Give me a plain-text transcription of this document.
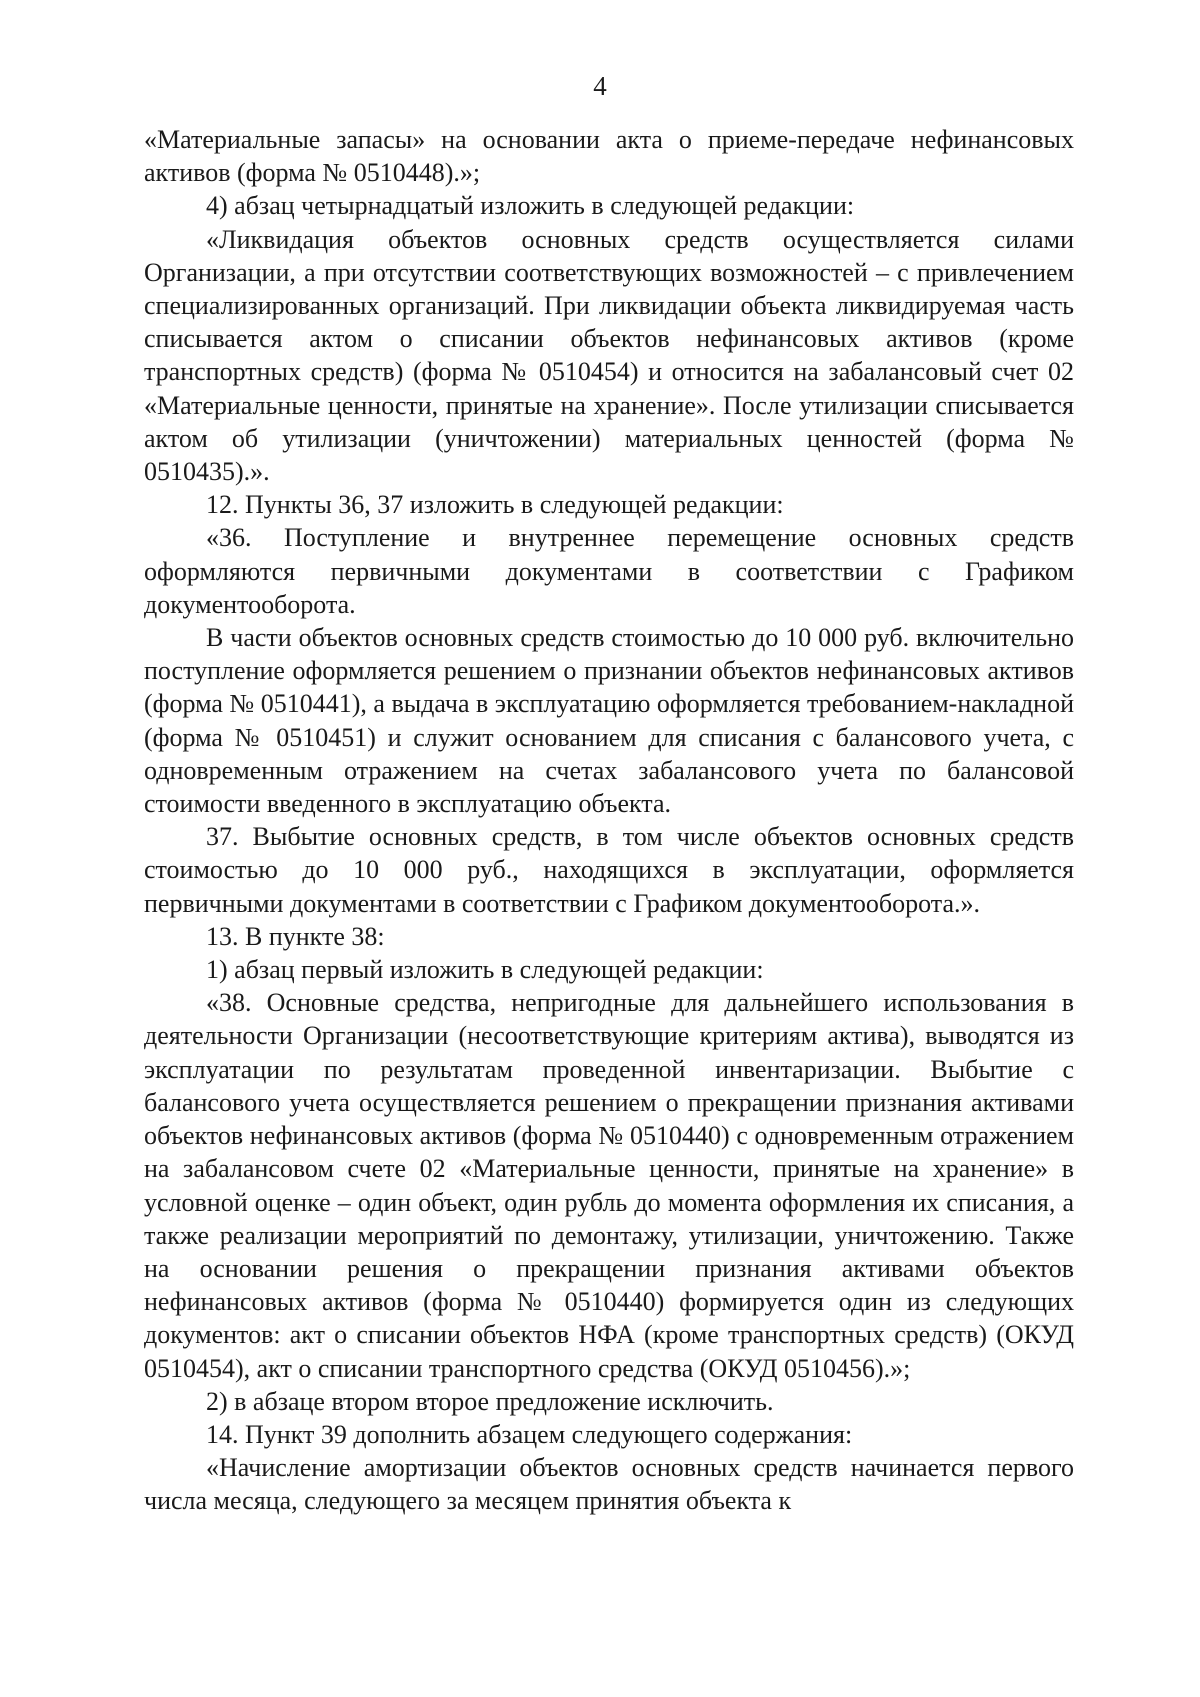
4

«Материальные запасы» на основании акта о приеме-передаче нефинансовых активов (форма № 0510448).»;

4) абзац четырнадцатый изложить в следующей редакции:

«Ликвидация объектов основных средств осуществляется силами Организации, а при отсутствии соответствующих возможностей – с привлечением специализированных организаций. При ликвидации объекта ликвидируемая часть списывается актом о списании объектов нефинансовых активов (кроме транспортных средств) (форма № 0510454) и относится на забалансовый счет 02 «Материальные ценности, принятые на хранение». После утилизации списывается актом об утилизации (уничтожении) материальных ценностей (форма № 0510435).».

12. Пункты 36, 37 изложить в следующей редакции:

«36. Поступление и внутреннее перемещение основных средств оформляются первичными документами в соответствии с Графиком документооборота.

В части объектов основных средств стоимостью до 10 000 руб. включительно поступление оформляется решением о признании объектов нефинансовых активов (форма № 0510441), а выдача в эксплуатацию оформляется требованием-накладной (форма № 0510451) и служит основанием для списания с балансового учета, с одновременным отражением на счетах забалансового учета по балансовой стоимости введенного в эксплуатацию объекта.

37. Выбытие основных средств, в том числе объектов основных средств стоимостью до 10 000 руб., находящихся в эксплуатации, оформляется первичными документами в соответствии с Графиком документооборота.».

13. В пункте 38:

1) абзац первый изложить в следующей редакции:

«38. Основные средства, непригодные для дальнейшего использования в деятельности Организации (несоответствующие критериям актива), выводятся из эксплуатации по результатам проведенной инвентаризации. Выбытие с балансового учета осуществляется решением о прекращении признания активами объектов нефинансовых активов (форма № 0510440) с одновременным отражением на забалансовом счете 02 «Материальные ценности, принятые на хранение» в условной оценке – один объект, один рубль до момента оформления их списания, а также реализации мероприятий по демонтажу, утилизации, уничтожению. Также на основании решения о прекращении признания активами объектов нефинансовых активов (форма № 0510440) формируется один из следующих документов: акт о списании объектов НФА (кроме транспортных средств) (ОКУД 0510454), акт о списании транспортного средства (ОКУД 0510456).»;

2) в абзаце втором второе предложение исключить.

14. Пункт 39 дополнить абзацем следующего содержания:

«Начисление амортизации объектов основных средств начинается первого числа месяца, следующего за месяцем принятия объекта к
